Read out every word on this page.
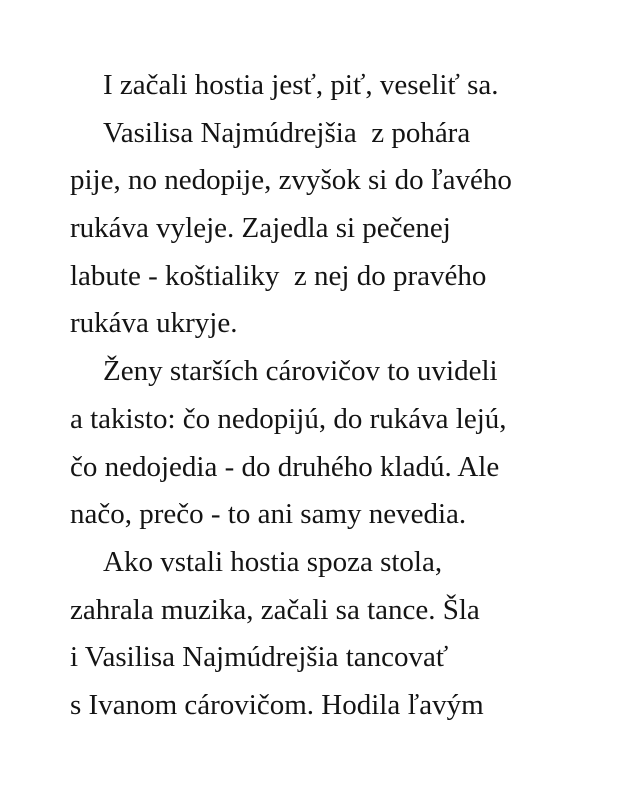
I začali hostia jesť, piť, veseliť sa.
Vasilisa Najmúdrejšia  z pohára
pije, no nedopije, zvyšok si do ľavého
rukáva vyleje. Zajedla si pečenej
labute - koštialiky  z nej do pravého
rukáva ukryje.
Ženy starších cárovičov to uvideli
a takisto: čo nedopijú, do rukáva lejú,
čo nedojedia - do druhého kladú. Ale
načo, prečo - to ani samy nevedia.
Ako vstali hostia spoza stola,
zahrala muzika, začali sa tance. Šla
i Vasilisa Najmúdrejšia tancovať
s Ivanom cárovičom. Hodila ľavým
